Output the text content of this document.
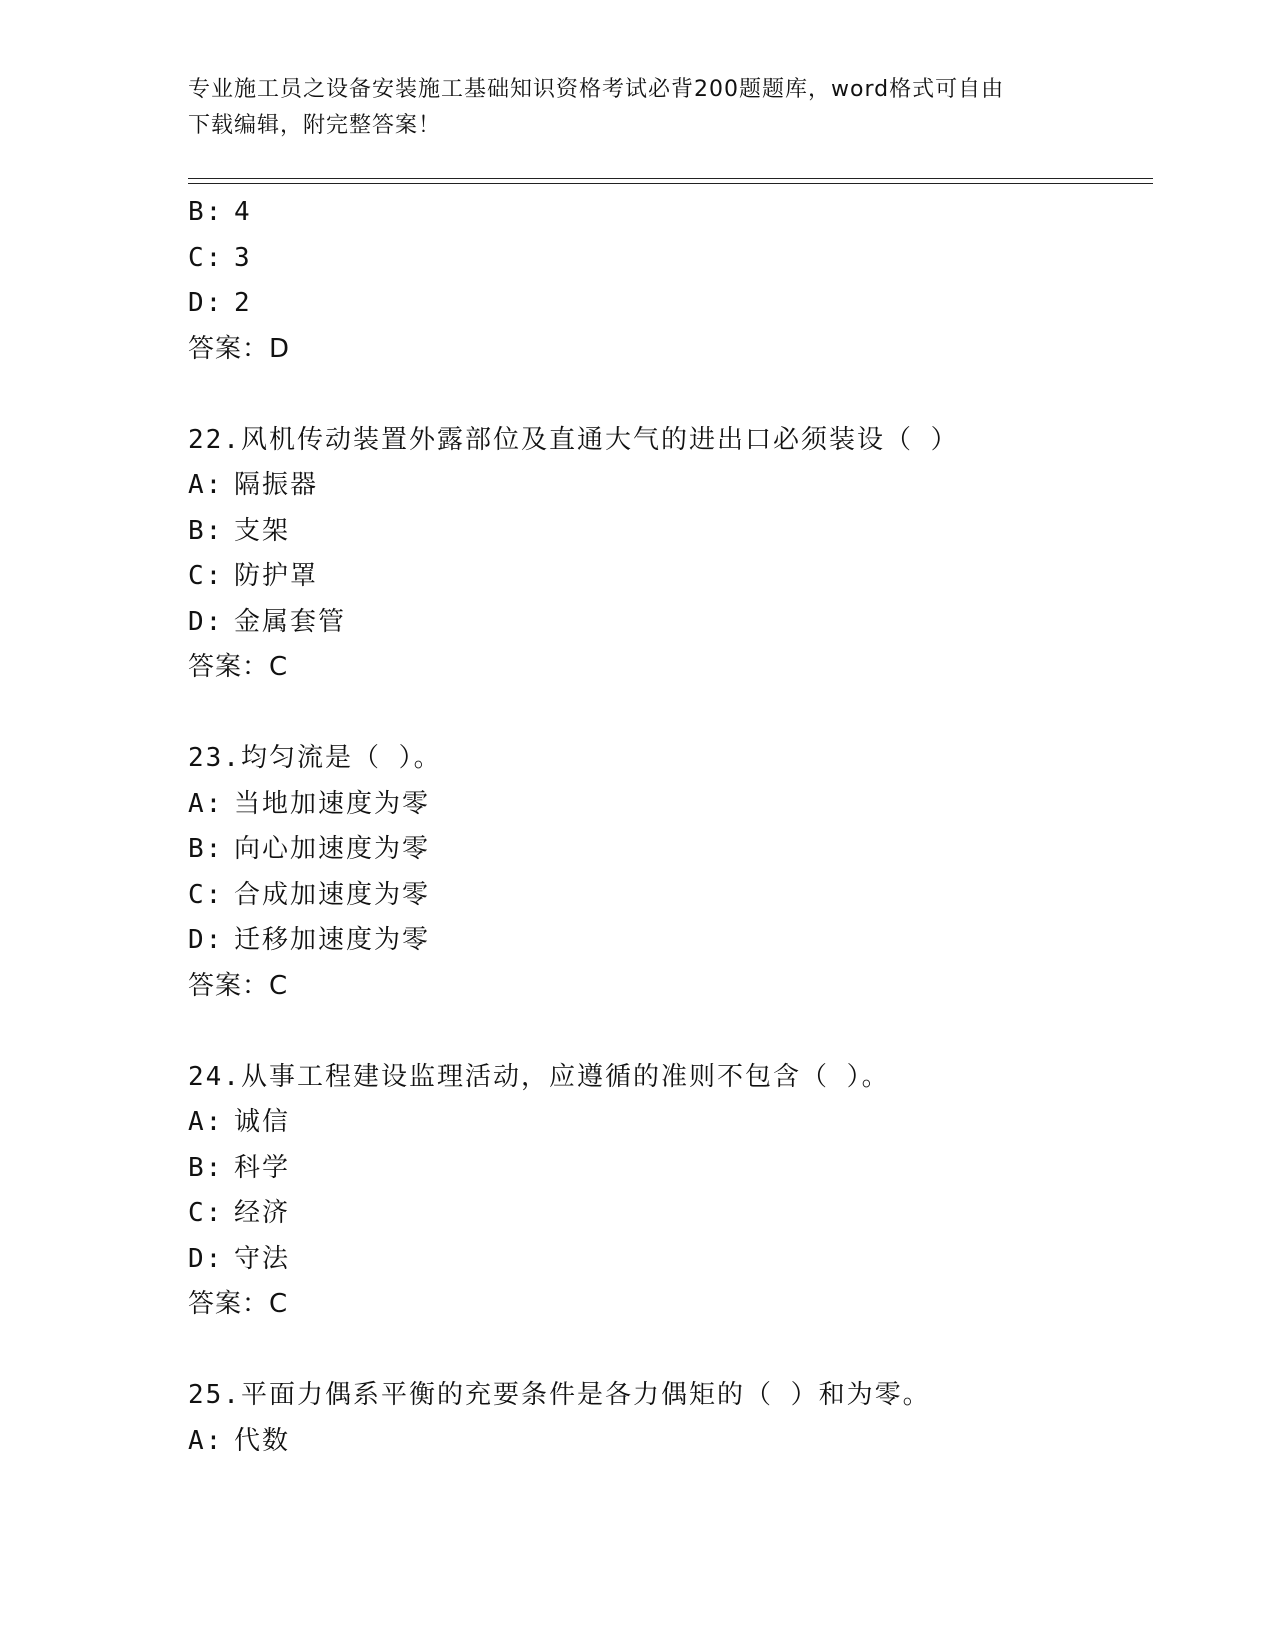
专业施工员之设备安装施工基础知识资格考试必背200题题库，word格式可自由
下载编辑，附完整答案！
B: 4
C: 3
D: 2
答案：D
22.风机传动装置外露部位及直通大气的进出口必须装设（ ）
A: 隔振器
B: 支架
C: 防护罩
D: 金属套管
答案：C
23.均匀流是（ ）。
A: 当地加速度为零
B: 向心加速度为零
C: 合成加速度为零
D: 迁移加速度为零
答案：C
24.从事工程建设监理活动，应遵循的准则不包含（ ）。
A: 诚信
B: 科学
C: 经济
D: 守法
答案：C
25.平面力偶系平衡的充要条件是各力偶矩的（ ）和为零。
A: 代数
